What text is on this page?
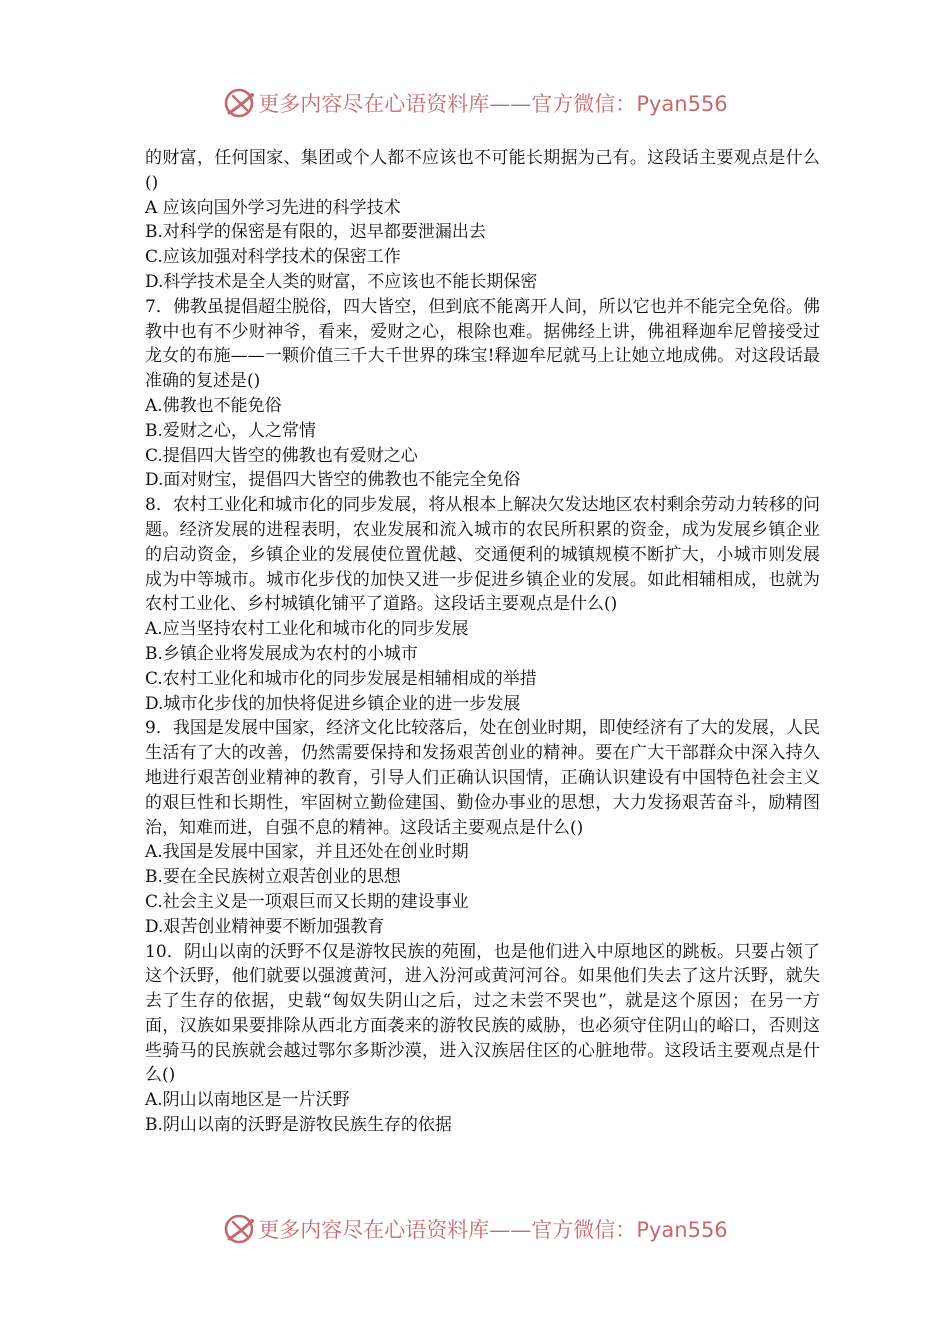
更多内容尽在心语资料库——官方微信：Pyan556

的财富，任何国家、集团或个人都不应该也不可能长期据为己有。这段话主要观点是什么()

A 应该向国外学习先进的科学技术

B.对科学的保密是有限的，迟早都要泄漏出去

C.应该加强对科学技术的保密工作

D.科学技术是全人类的财富，不应该也不能长期保密

7．佛教虽提倡超尘脱俗，四大皆空，但到底不能离开人间，所以它也并不能完全免俗。佛教中也有不少财神爷，看来，爱财之心，根除也难。据佛经上讲，佛祖释迦牟尼曾接受过龙女的布施——一颗价值三千大千世界的珠宝!释迦牟尼就马上让她立地成佛。对这段话最准确的复述是()

A.佛教也不能免俗

B.爱财之心，人之常情

C.提倡四大皆空的佛教也有爱财之心

D.面对财宝，提倡四大皆空的佛教也不能完全免俗

8．农村工业化和城市化的同步发展，将从根本上解决欠发达地区农村剩余劳动力转移的问题。经济发展的进程表明，农业发展和流入城市的农民所积累的资金，成为发展乡镇企业的启动资金，乡镇企业的发展使位置优越、交通便利的城镇规模不断扩大，小城市则发展成为中等城市。城市化步伐的加快又进一步促进乡镇企业的发展。如此相辅相成，也就为农村工业化、乡村城镇化铺平了道路。这段话主要观点是什么()

A.应当坚持农村工业化和城市化的同步发展

B.乡镇企业将发展成为农村的小城市

C.农村工业化和城市化的同步发展是相辅相成的举措

D.城市化步伐的加快将促进乡镇企业的进一步发展

9．我国是发展中国家，经济文化比较落后，处在创业时期，即使经济有了大的发展，人民生活有了大的改善，仍然需要保持和发扬艰苦创业的精神。要在广大干部群众中深入持久地进行艰苦创业精神的教育，引导人们正确认识国情，正确认识建设有中国特色社会主义的艰巨性和长期性，牢固树立勤俭建国、勤俭办事业的思想，大力发扬艰苦奋斗，励精图治，知难而进，自强不息的精神。这段话主要观点是什么()

A.我国是发展中国家，并且还处在创业时期

B.要在全民族树立艰苦创业的思想

C.社会主义是一项艰巨而又长期的建设事业

D.艰苦创业精神要不断加强教育

10．阴山以南的沃野不仅是游牧民族的苑囿，也是他们进入中原地区的跳板。只要占领了这个沃野，他们就要以强渡黄河，进入汾河或黄河河谷。如果他们失去了这片沃野，就失去了生存的依据，史载“匈奴失阴山之后，过之未尝不哭也”，就是这个原因；在另一方面，汉族如果要排除从西北方面袭来的游牧民族的威胁，也必须守住阴山的峪口，否则这些骑马的民族就会越过鄂尔多斯沙漠，进入汉族居住区的心脏地带。这段话主要观点是什么()

A.阴山以南地区是一片沃野

B.阴山以南的沃野是游牧民族生存的依据

更多内容尽在心语资料库——官方微信：Pyan556
